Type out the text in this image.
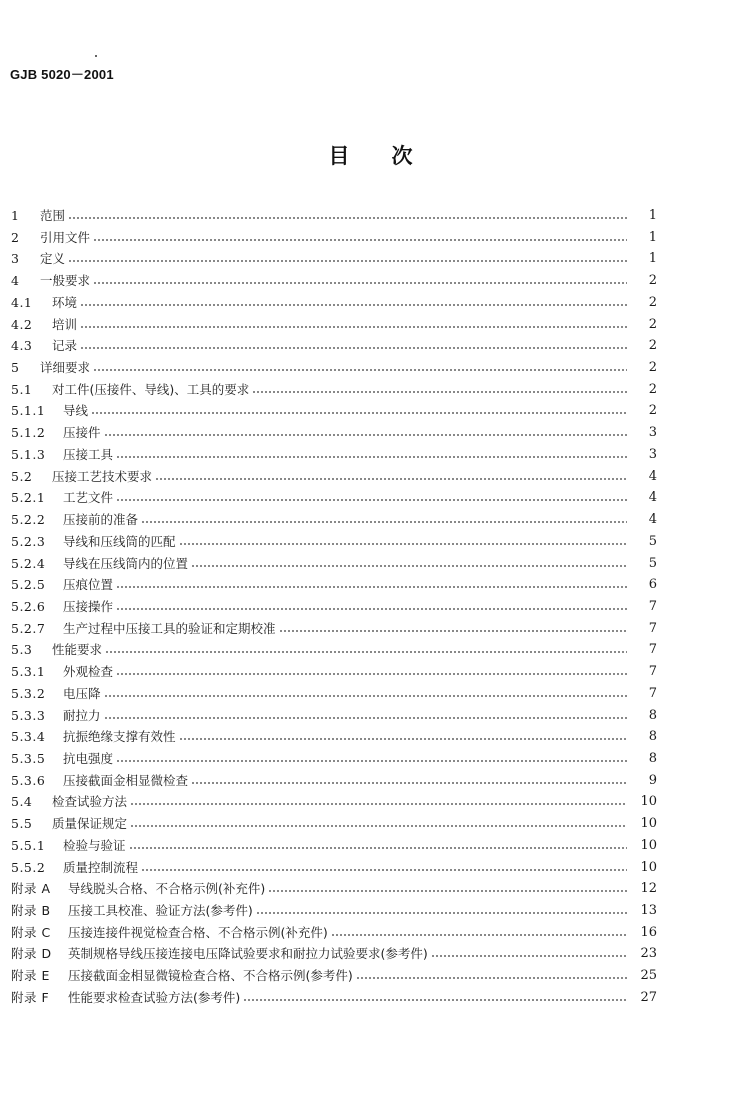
GJB 5020－2001
目 次
1	范围	1
2	引用文件	1
3	定义	1
4	一般要求	2
4.1	环境	2
4.2	培训	2
4.3	记录	2
5	详细要求	2
5.1	对工件(压接件、导线)、工具的要求	2
5.1.1	导线	2
5.1.2	压接件	3
5.1.3	压接工具	3
5.2	压接工艺技术要求	4
5.2.1	工艺文件	4
5.2.2	压接前的准备	4
5.2.3	导线和压线筒的匹配	5
5.2.4	导线在压线筒内的位置	5
5.2.5	压痕位置	6
5.2.6	压接操作	7
5.2.7	生产过程中压接工具的验证和定期校准	7
5.3	性能要求	7
5.3.1	外观检查	7
5.3.2	电压降	7
5.3.3	耐拉力	8
5.3.4	抗振绝缘支撑有效性	8
5.3.5	抗电强度	8
5.3.6	压接截面金相显微检查	9
5.4	检查试验方法	10
5.5	质量保证规定	10
5.5.1	检验与验证	10
5.5.2	质量控制流程	10
附录 A	导线脱头合格、不合格示例(补充件)	12
附录 B	压接工具校准、验证方法(参考件)	13
附录 C	压接连接件视觉检查合格、不合格示例(补充件)	16
附录 D	英制规格导线压接连接电压降试验要求和耐拉力试验要求(参考件)	23
附录 E	压接截面金相显微镜检查合格、不合格示例(参考件)	25
附录 F	性能要求检查试验方法(参考件)	27
